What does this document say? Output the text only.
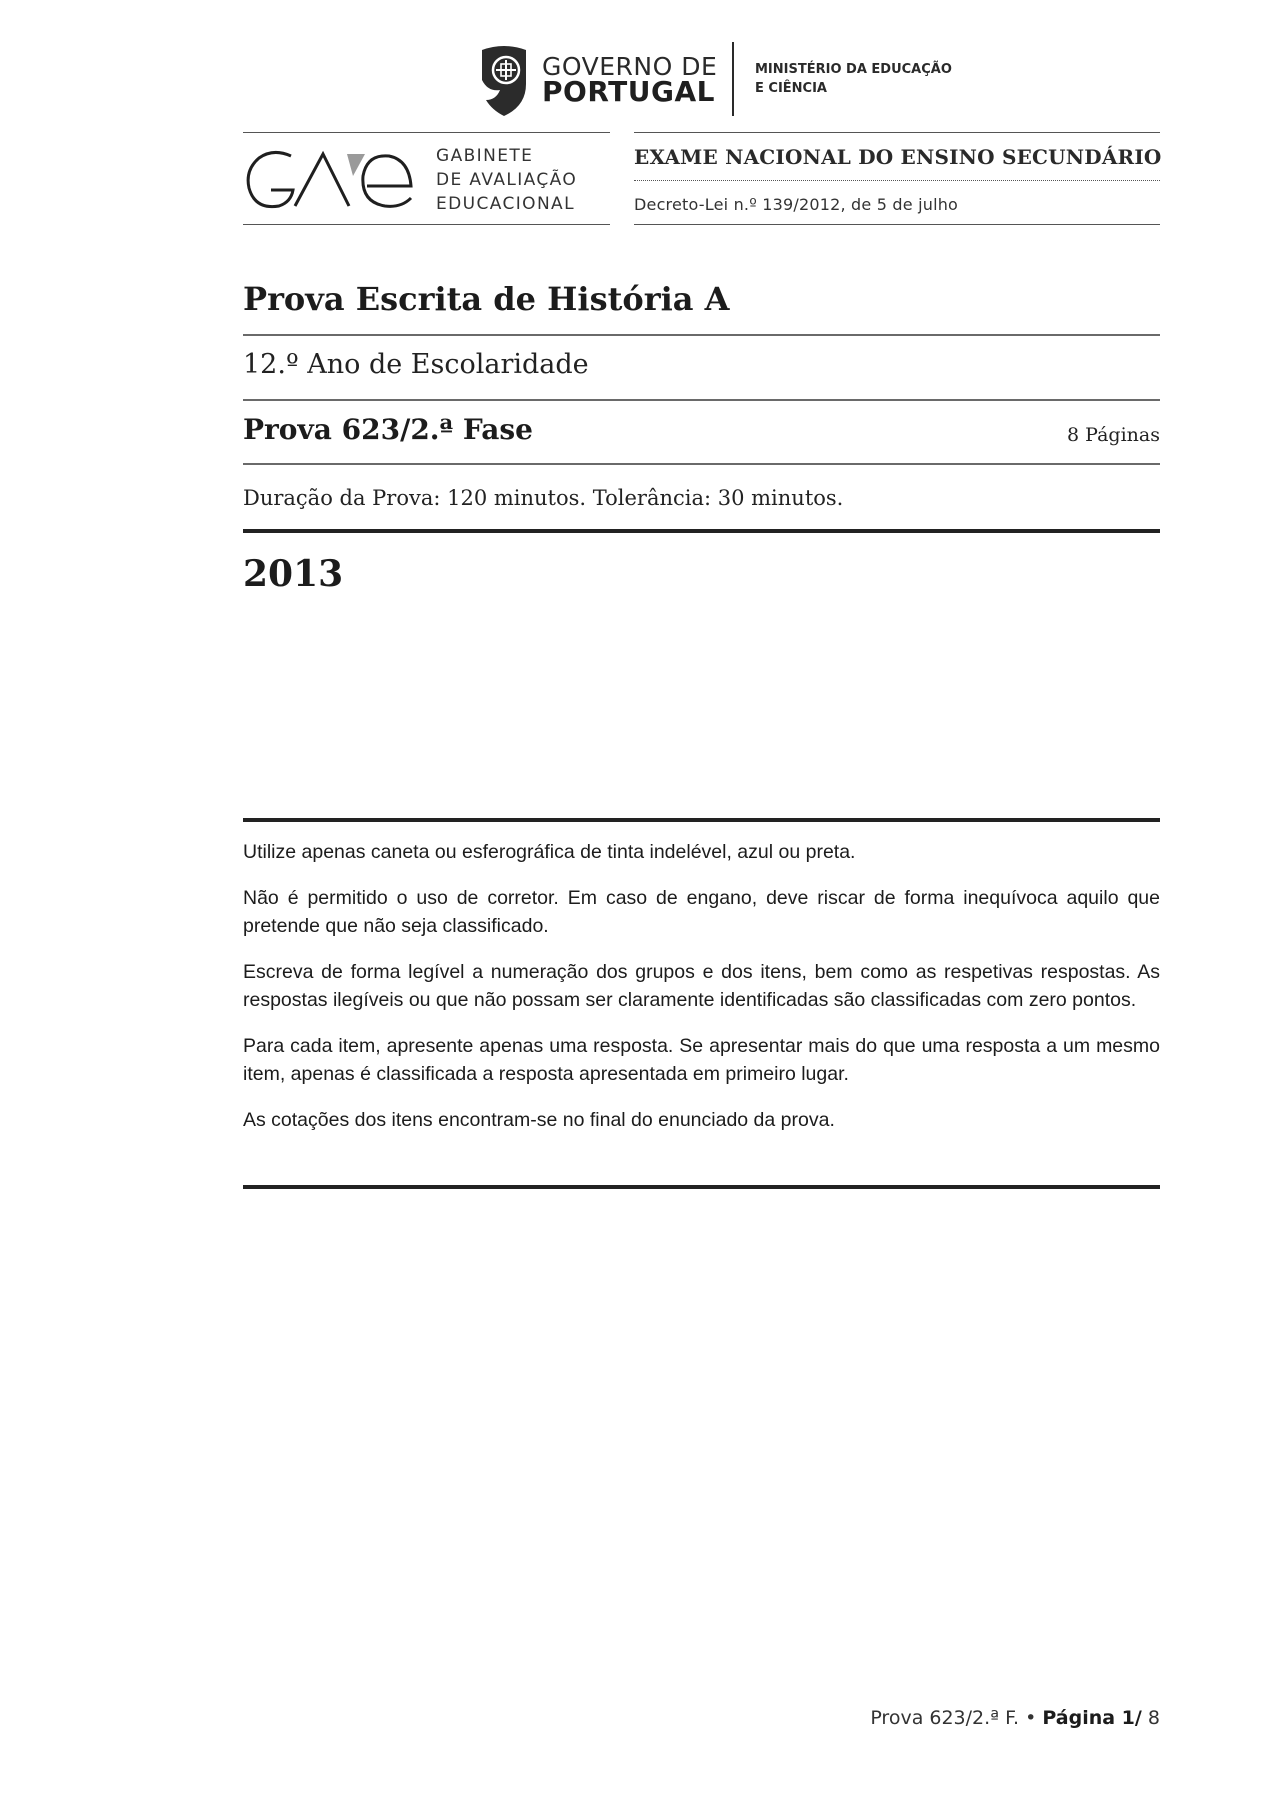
GOVERNO DE
PORTUGAL
MINISTÉRIO DA EDUCAÇÃO
E CIÊNCIA
GABINETE
DE AVALIAÇÃO
EDUCACIONAL
EXAME NACIONAL DO ENSINO SECUNDÁRIO
Decreto-Lei n.º 139/2012, de 5 de julho
Prova Escrita de História A
12.º Ano de Escolaridade
Prova 623/2.ª Fase	8 Páginas
Duração da Prova: 120 minutos. Tolerância: 30 minutos.
2013

Utilize apenas caneta ou esferográfica de tinta indelével, azul ou preta.

Não é permitido o uso de corretor. Em caso de engano, deve riscar de forma inequívoca aquilo que pretende que não seja classificado.

Escreva de forma legível a numeração dos grupos e dos itens, bem como as respetivas respostas. As respostas ilegíveis ou que não possam ser claramente identificadas são classificadas com zero pontos.

Para cada item, apresente apenas uma resposta. Se apresentar mais do que uma resposta a um mesmo item, apenas é classificada a resposta apresentada em primeiro lugar.

As cotações dos itens encontram-se no final do enunciado da prova.

Prova 623/2.ª F. • Página 1/ 8
